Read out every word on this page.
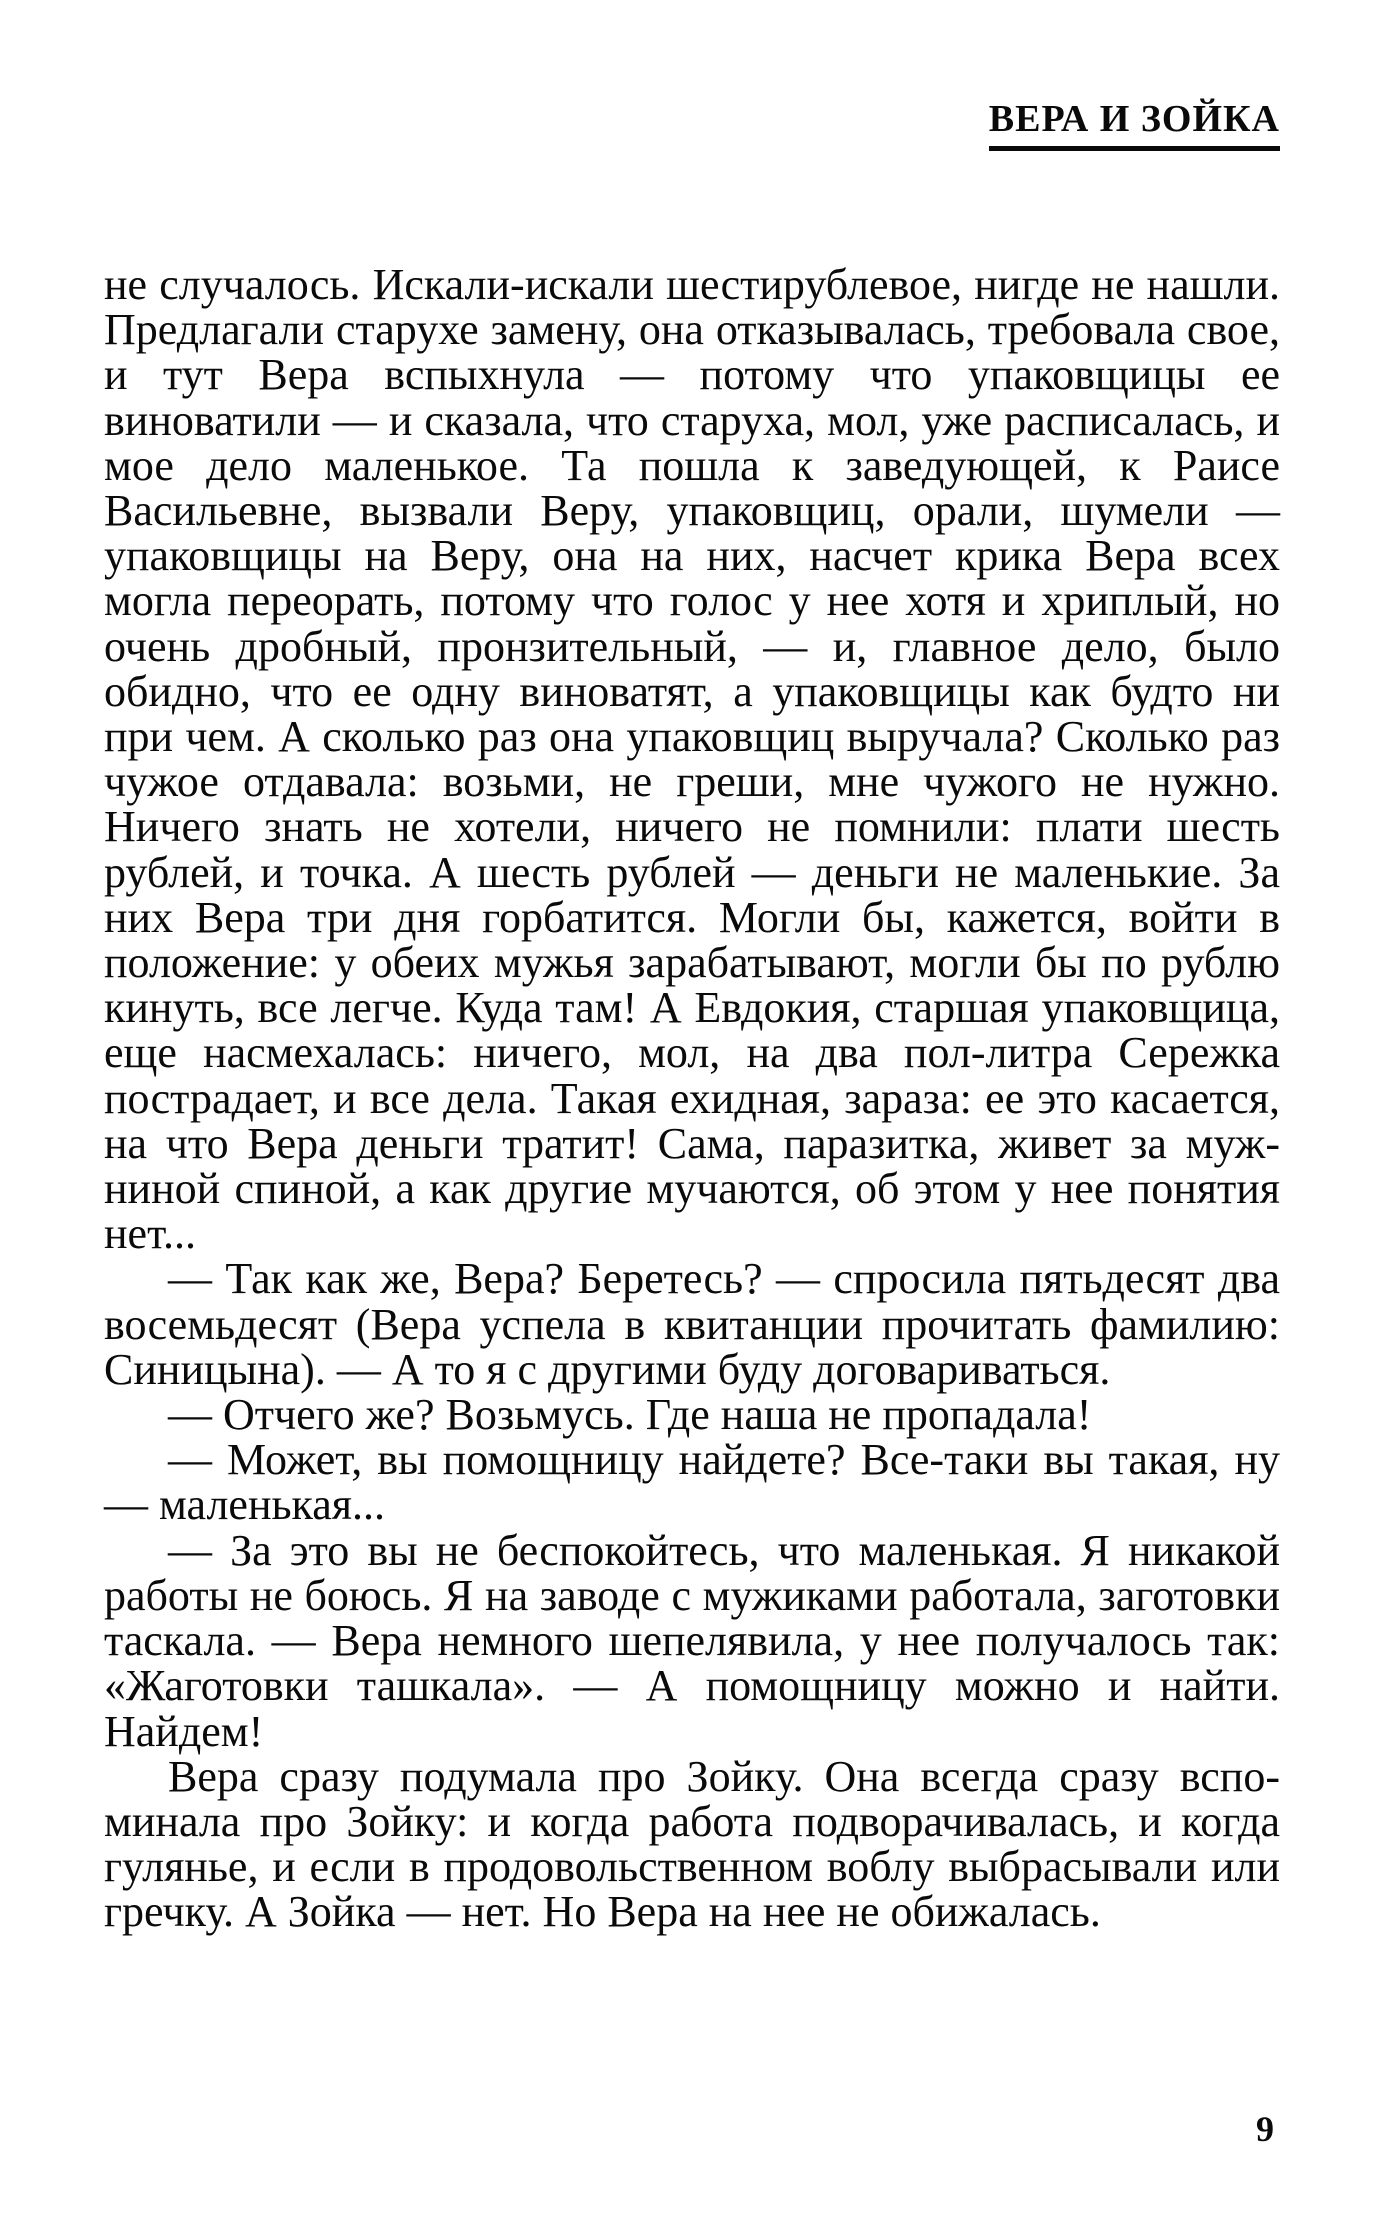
ВЕРА И ЗОЙКА

не случалось. Искали-искали шестирублевое, нигде не нашли. Предлагали старухе замену, она отказывалась, требовала свое, и тут Вера вспыхнула — потому что упаковщицы ее виноватили — и сказала, что старуха, мол, уже расписалась, и мое дело маленькое. Та пошла к заведующей, к Раисе Васильевне, вызвали Веру, упаковщиц, орали, шумели — упаковщицы на Веру, она на них, насчет крика Вера всех могла переорать, потому что голос у нее хотя и хриплый, но очень дробный, пронзительный, — и, главное дело, было обидно, что ее одну виноватят, а упаковщицы как будто ни при чем. А сколько раз она упаковщиц выручала? Сколько раз чужое отдавала: возьми, не греши, мне чужого не нужно. Ничего знать не хотели, ничего не помнили: плати шесть рублей, и точка. А шесть рублей — деньги не маленькие. За них Вера три дня горбатится. Могли бы, кажется, войти в положение: у обеих мужья зарабатывают, могли бы по рублю кинуть, все легче. Куда там! А Евдокия, старшая упаковщица, еще насмехалась: ничего, мол, на два пол-литра Сережка пострадает, и все дела. Такая ехидная, зараза: ее это касается, на что Вера деньги тратит! Сама, паразитка, живет за мужниной спиной, а как другие мучаются, об этом у нее понятия нет...

— Так как же, Вера? Беретесь? — спросила пятьдесят два восемьдесят (Вера успела в квитанции прочитать фамилию: Синицына). — А то я с другими буду договариваться.

— Отчего же? Возьмусь. Где наша не пропадала!

— Может, вы помощницу найдете? Все-таки вы такая, ну — маленькая...

— За это вы не беспокойтесь, что маленькая. Я никакой работы не боюсь. Я на заводе с мужиками работала, заготовки таскала. — Вера немного шепелявила, у нее получалось так: «Жаготовки ташкала». — А помощницу можно и найти. Найдем!

Вера сразу подумала про Зойку. Она всегда сразу вспоминала про Зойку: и когда работа подворачивалась, и когда гулянье, и если в продовольственном воблу выбрасывали или гречку. А Зойка — нет. Но Вера на нее не обижалась.

9
